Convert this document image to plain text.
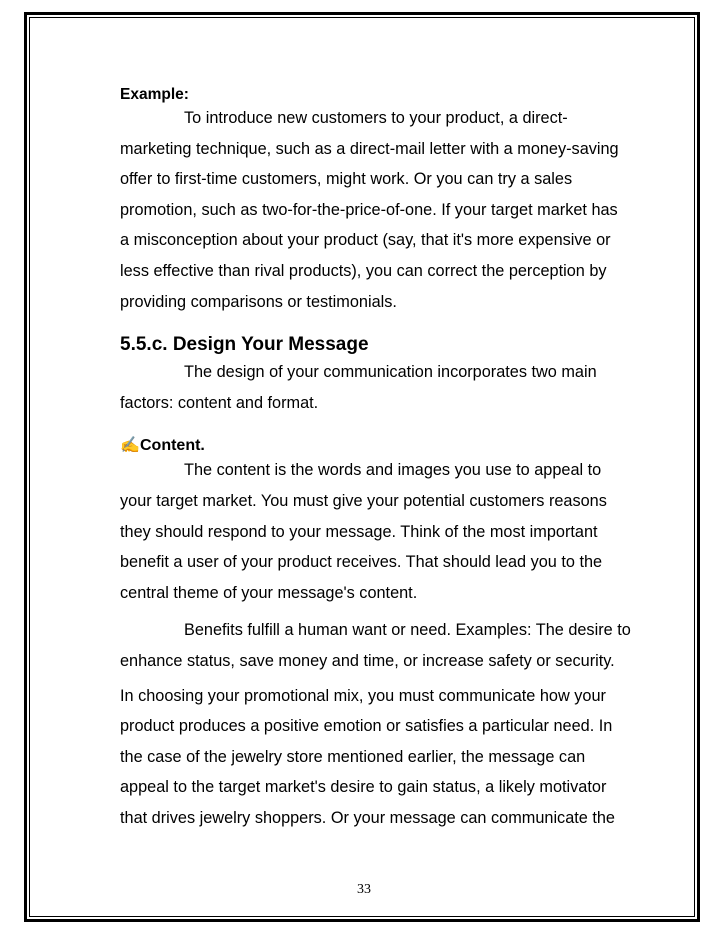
Example:

To introduce new customers to your product, a direct-

marketing technique, such as a direct-mail letter with a money-saving

offer to first-time customers, might work. Or you can try a sales

promotion, such as two-for-the-price-of-one. If your target market has

a misconception about your product (say, that it's more expensive or

less effective than rival products), you can correct the perception by

providing comparisons or testimonials.

5.5.c. Design Your Message

The design of your communication incorporates two main

factors: content and format.

✍Content.

The content is the words and images you use to appeal to

your target market. You must give your potential customers reasons

they should respond to your message. Think of the most important

benefit a user of your product receives. That should lead you to the

central theme of your message's content.

Benefits fulfill a human want or need. Examples: The desire to

enhance status, save money and time, or increase safety or security.

In choosing your promotional mix, you must communicate how your

product produces a positive emotion or satisfies a particular need. In

the case of the jewelry store mentioned earlier, the message can

appeal to the target market's desire to gain status, a likely motivator

that drives jewelry shoppers. Or your message can communicate the

33
